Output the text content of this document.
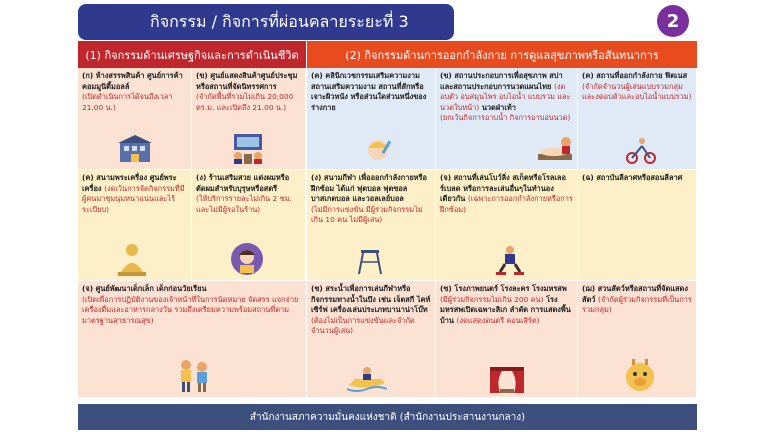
กิจกรรม / กิจการที่ผ่อนคลายระยะที่ 3	2
(1) กิจกรรมด้านเศรษฐกิจและการดำเนินชีวิต	(2) กิจกรรมด้านการออกกำลังกาย การดูแลสุขภาพหรือสันทนาการ
(ก) ห้างสรรพสินค้า ศูนย์การค้า คอมมูนิตี้มอลล์
(เปิดดำเนินการได้จนถึงเวลา 21.00 น.)
(ข) ศูนย์แสดงสินค้าศูนย์ประชุม หรือสถานที่จัดนิทรรศการ
(จำกัดพื้นที่รวมไม่เกิน 20,000 ตร.ม. และเปิดถึง 21.00 น.)
(ค) คลินิกเวชกรรมเสริมความงาม สถานเสริมความงาม สถานที่สักหรือเจาะผิวหนัง หรือส่วนใดส่วนหนึ่งของร่างกาย
(ข) สถานประกอบการเพื่อสุขภาพ สปา และสถานประกอบการนวดแผนไทย (งดอบตัว อบสมุนไพร อบไอน้ำ แบบรวม และนวดใบหน้า) นวดฝ่าเท้า
(ยกเว้นกิจการอาบน้ำ กิจการอาบอบนวด)
(ค) สถานที่ออกกำลังกาย ฟิตเนส (จำกัดจำนวนผู้เล่นแบบรวมกลุ่ม และงดอบตัวและอบไอน้ำแบบรวม)
(ค) สนามพระเครื่อง ศูนย์พระเครื่อง (งดเว้นการจัดกิจกรรมที่มีผู้คนมาชุมนุมหนาแน่นและไร้ระเบียบ)
(ง) ร้านเสริมสวย แต่งผมหรือตัดผมสำหรับบุรุษหรือสตรี
(ให้บริการรายละไม่เกิน 2 ชม. และไม่มีผู้รอในร้าน)
(ง) สนามกีฬา เพื่อออกกำลังกายหรือฝึกซ้อม ได้แก่ ฟุตบอล ฟุตซอล บาสเกตบอล และวอลเลย์บอล
(ไม่มีการแข่งขัน มีผู้ร่วมกิจกรรมไม่เกิน 10 คน ไม่มีผู้เล่น)
(จ) สถานที่เล่นโบว์ลิ่ง สเก็ตหรือโรลเลอร์เบลด หรือการละเล่นอื่นๆในทำนองเดียวกัน (เฉพาะการออกกำลังกายหรือการฝึกซ้อม)
(ฉ) สถาบันลีลาศหรือสอนลีลาศ
(จ) ศูนย์พัฒนาเด็กเล็ก เด็กก่อนวัยเรียน
(เปิดเพื่อการปฏิบัติงานของเจ้าหน้าที่ในการนัดหมาย จัดสรร แจกจ่ายเครื่องดื่มและอาหารกลางวัน รวมถึงเตรียมความพร้อมสถานที่ตามมาตรฐานสาธารณสุข)
(ช) สระน้ำเพื่อการเล่นกีฬาหรือกิจกรรมทางน้ำในบึง เช่น เจ็ตสกี ไคท์เซิร์ฟ เครื่องเล่นประเภทบานาน่าโบ๊ท (ต้องไม่เป็นการแข่งขันและจำกัดจำนวนผู้เล่น)
(ซ) โรงภาพยนตร์ โรงละคร โรงมหรสพ (มีผู้ร่วมกิจกรรมไม่เกิน 200 คน) โรงมหรสพเปิดเฉพาะลิเก ลำตัด การแสดงพื้นบ้าน (งดแสดงดนตรี คอนเสิร์ต)
(ฌ) สวนสัตว์หรือสถานที่จัดแสดงสัตว์ (จำกัดผู้ร่วมกิจกรรมที่เป็นการรวมกลุ่ม)
สำนักงานสภาความมั่นคงแห่งชาติ (สำนักงานประสานงานกลาง)
